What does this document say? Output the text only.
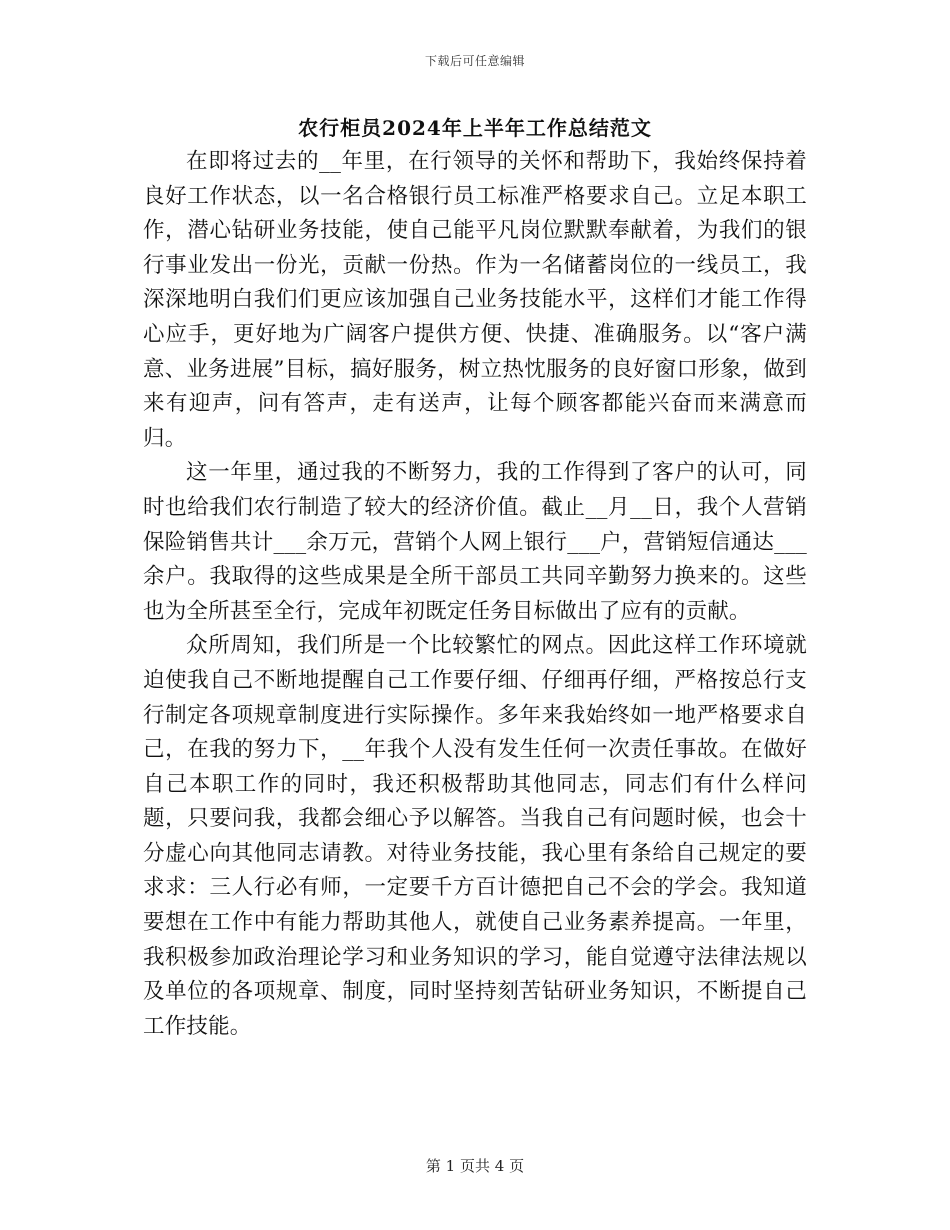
下载后可任意编辑
农行柜员2024年上半年工作总结范文

在即将过去的__年里，在行领导的关怀和帮助下，我始终保持着良好工作状态，以一名合格银行员工标准严格要求自己。立足本职工作，潜心钻研业务技能，使自己能平凡岗位默默奉献着，为我们的银行事业发出一份光，贡献一份热。作为一名储蓄岗位的一线员工，我深深地明白我们们更应该加强自己业务技能水平，这样们才能工作得心应手，更好地为广阔客户提供方便、快捷、准确服务。以“客户满意、业务进展”目标，搞好服务，树立热忱服务的良好窗口形象，做到来有迎声，问有答声，走有送声，让每个顾客都能兴奋而来满意而归。

这一年里，通过我的不断努力，我的工作得到了客户的认可，同时也给我们农行制造了较大的经济价值。截止__月__日，我个人营销保险销售共计___余万元，营销个人网上银行___户，营销短信通达___余户。我取得的这些成果是全所干部员工共同辛勤努力换来的。这些也为全所甚至全行，完成年初既定任务目标做出了应有的贡献。

众所周知，我们所是一个比较繁忙的网点。因此这样工作环境就迫使我自己不断地提醒自己工作要仔细、仔细再仔细，严格按总行支行制定各项规章制度进行实际操作。多年来我始终如一地严格要求自己，在我的努力下，__年我个人没有发生任何一次责任事故。在做好自己本职工作的同时，我还积极帮助其他同志，同志们有什么样问题，只要问我，我都会细心予以解答。当我自己有问题时候，也会十分虚心向其他同志请教。对待业务技能，我心里有条给自己规定的要求求：三人行必有师，一定要千方百计德把自己不会的学会。我知道要想在工作中有能力帮助其他人，就使自己业务素养提高。一年里，我积极参加政治理论学习和业务知识的学习，能自觉遵守法律法规以及单位的各项规章、制度，同时坚持刻苦钻研业务知识，不断提自己工作技能。

第 1 页共 4 页
